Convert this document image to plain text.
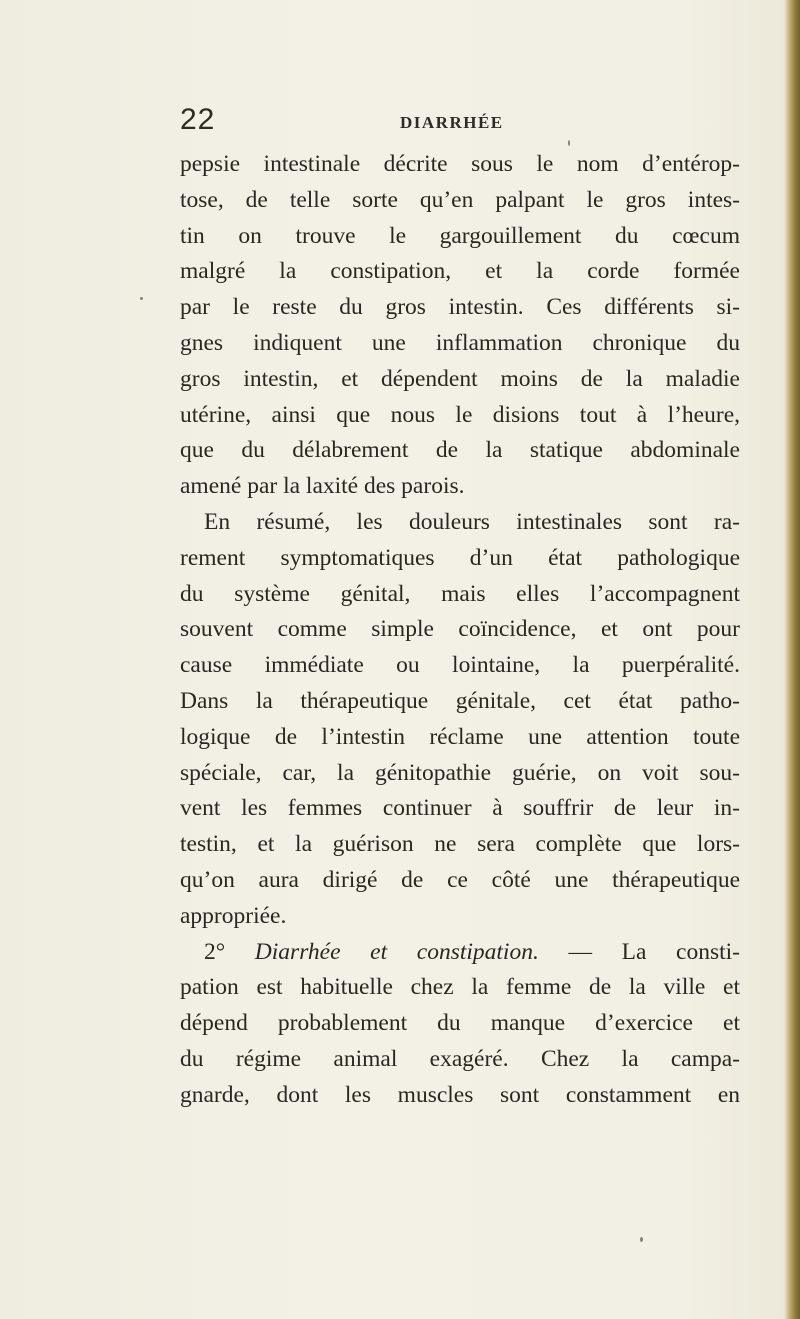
22	DIARRHÉE
pepsie intestinale décrite sous le nom d’entérop-
tose, de telle sorte qu’en palpant le gros intes-
tin on trouve le gargouillement du cœcum
malgré la constipation, et la corde formée
par le reste du gros intestin. Ces différents si-
gnes indiquent une inflammation chronique du
gros intestin, et dépendent moins de la maladie
utérine, ainsi que nous le disions tout à l’heure,
que du délabrement de la statique abdominale
amené par la laxité des parois.
En résumé, les douleurs intestinales sont ra-
rement symptomatiques d’un état pathologique
du système génital, mais elles l’accompagnent
souvent comme simple coïncidence, et ont pour
cause immédiate ou lointaine, la puerpéralité.
Dans la thérapeutique génitale, cet état patho-
logique de l’intestin réclame une attention toute
spéciale, car, la génitopathie guérie, on voit sou-
vent les femmes continuer à souffrir de leur in-
testin, et la guérison ne sera complète que lors-
qu’on aura dirigé de ce côté une thérapeutique
appropriée.
2° Diarrhée et constipation. — La consti-
pation est habituelle chez la femme de la ville et
dépend probablement du manque d’exercice et
du régime animal exagéré. Chez la campa-
gnarde, dont les muscles sont constamment en
